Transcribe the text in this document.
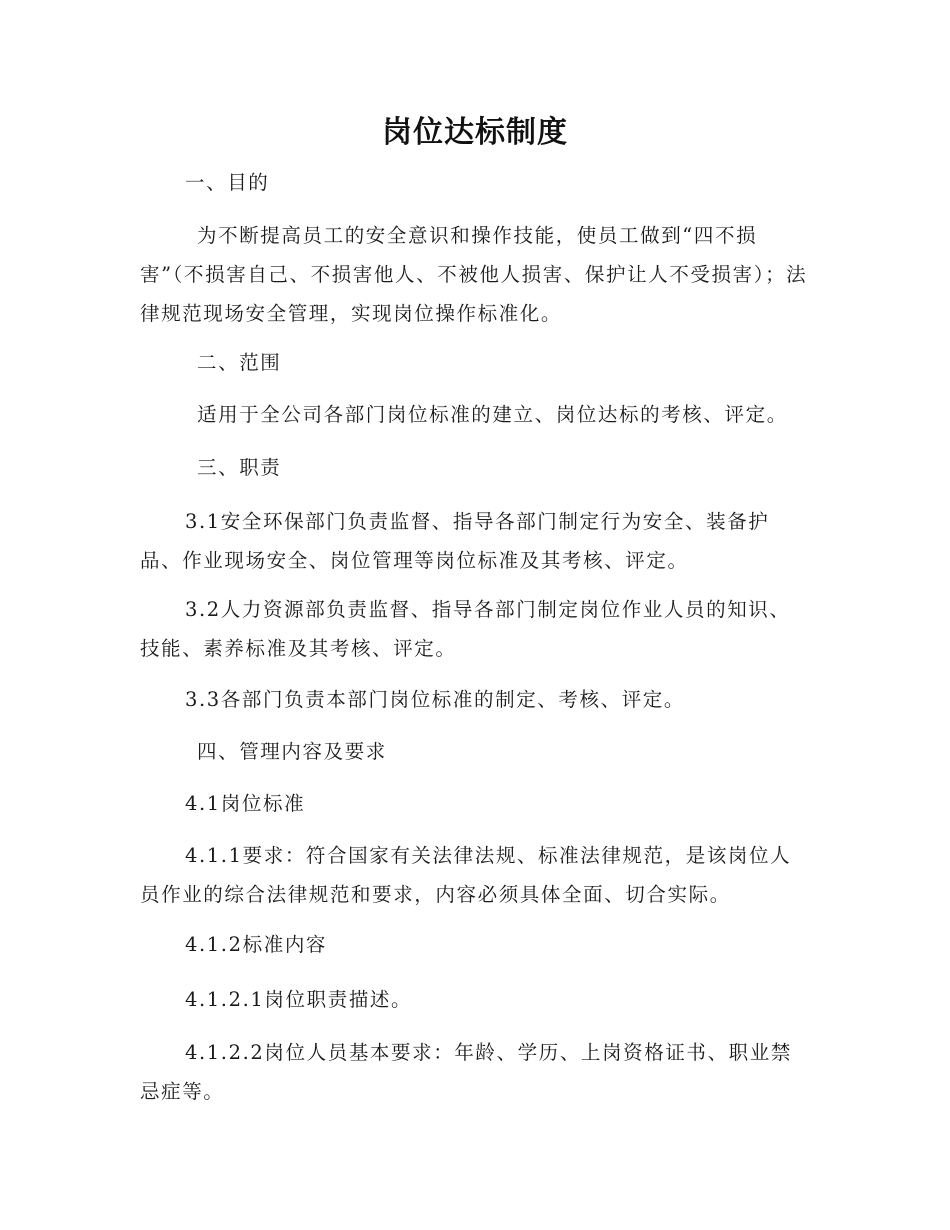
岗位达标制度

一、目的

为不断提高员工的安全意识和操作技能，使员工做到“四不损害”（不损害自己、不损害他人、不被他人损害、保护让人不受损害）；法律规范现场安全管理，实现岗位操作标准化。

二、范围

适用于全公司各部门岗位标准的建立、岗位达标的考核、评定。

三、职责

3.1安全环保部门负责监督、指导各部门制定行为安全、装备护品、作业现场安全、岗位管理等岗位标准及其考核、评定。

3.2人力资源部负责监督、指导各部门制定岗位作业人员的知识、技能、素养标准及其考核、评定。

3.3各部门负责本部门岗位标准的制定、考核、评定。

四、管理内容及要求

4.1岗位标准

4.1.1要求：符合国家有关法律法规、标准法律规范，是该岗位人员作业的综合法律规范和要求，内容必须具体全面、切合实际。

4.1.2标准内容

4.1.2.1岗位职责描述。

4.1.2.2岗位人员基本要求：年龄、学历、上岗资格证书、职业禁忌症等。
